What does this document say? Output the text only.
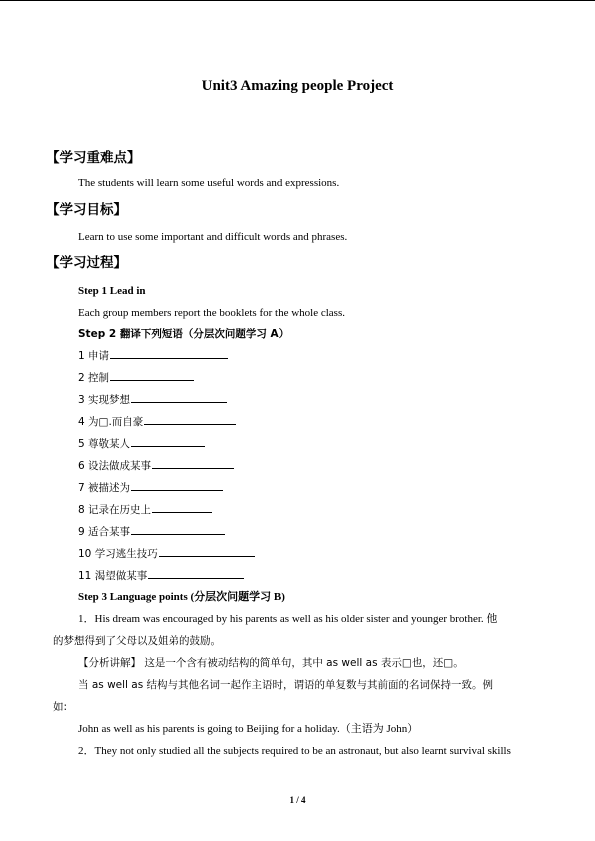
Unit3 Amazing people Project
【学习重难点】
The students will learn some useful words and expressions.
【学习目标】
Learn to use some important and difficult words and phrases.
【学习过程】
Step 1 Lead in
Each group members report the booklets for the whole class.
Step 2 翻译下列短语（分层次问题学习 A）
1 申请
2 控制
3 实现梦想
4 为□.而自豪
5 尊敬某人
6 设法做成某事
7 被描述为
8 记录在历史上
9 适合某事
10 学习逃生技巧
11 渴望做某事
Step 3 Language points (分层次问题学习 B)
1．His dream was encouraged by his parents as well as his older sister and younger brother. 他
的梦想得到了父母以及姐弟的鼓励。
【分析讲解】 这是一个含有被动结构的简单句，其中 as well as 表示□也，还□。
当 as well as 结构与其他名词一起作主语时，谓语的单复数与其前面的名词保持一致。例
如:
John as well as his parents is going to Beijing for a holiday.（主语为 John）
2．They not only studied all the subjects required to be an astronaut, but also learnt survival skills
1 / 4
